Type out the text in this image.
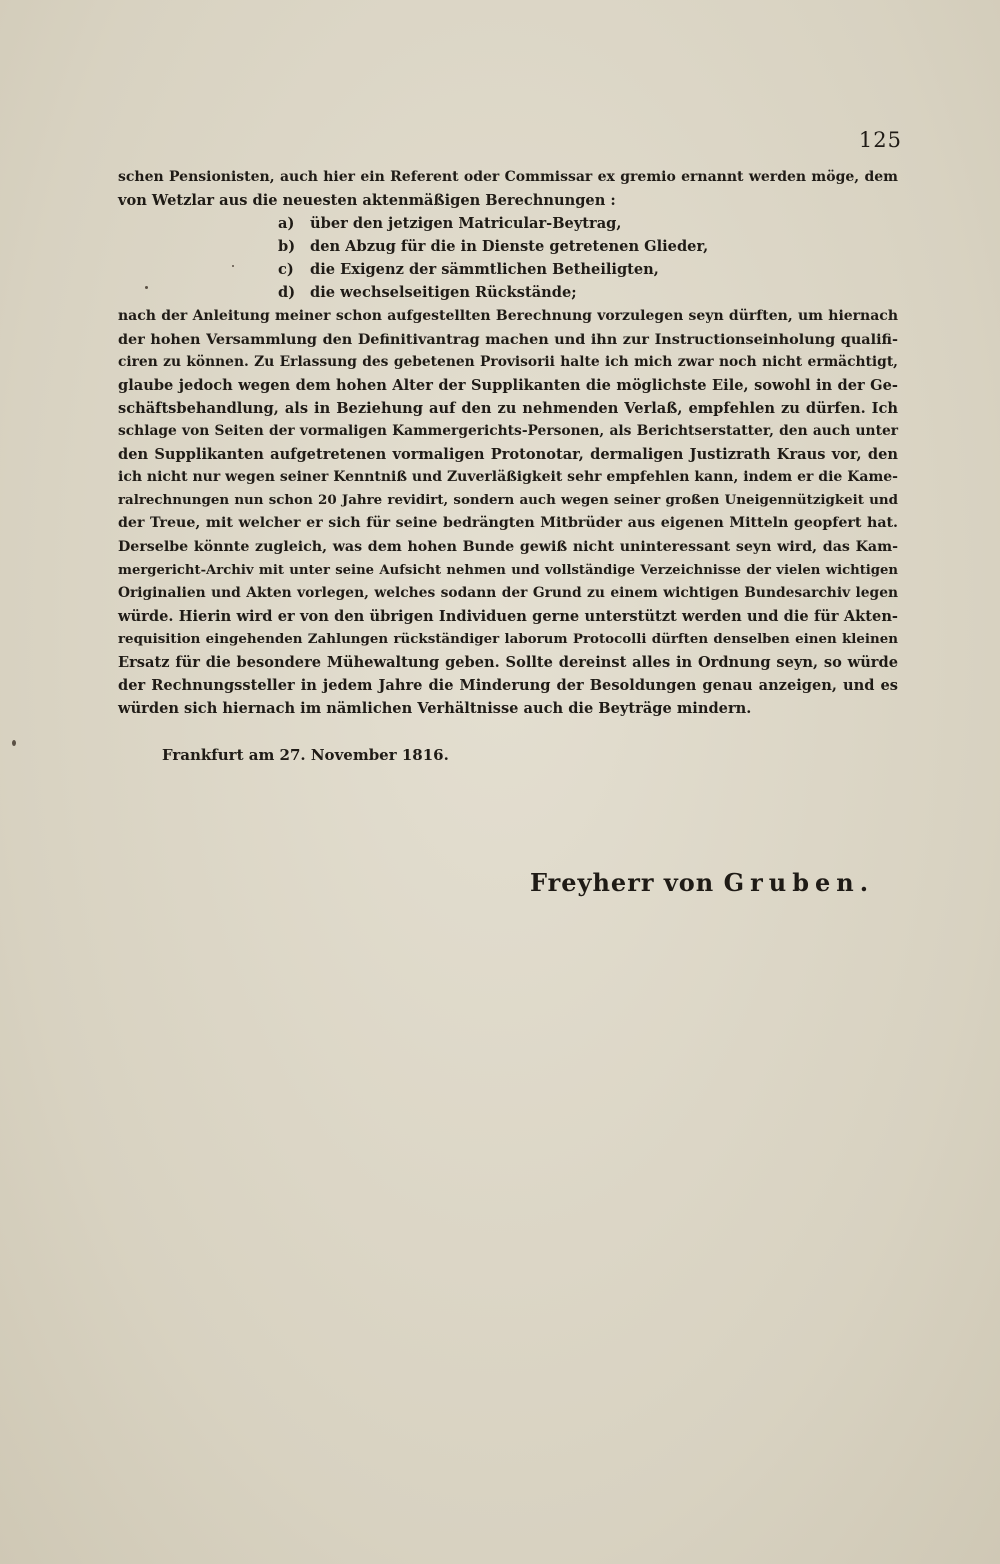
125
schen Pensionisten, auch hier ein Referent oder Commissar ex gremio ernannt werden möge, dem
von Wetzlar aus die neuesten aktenmäßigen Berechnungen :
a)	über den jetzigen Matricular-Beytrag,
b)	den Abzug für die in Dienste getretenen Glieder,
c)	die Exigenz der sämmtlichen Betheiligten,
d)	die wechselseitigen Rückstände;
nach der Anleitung meiner schon aufgestellten Berechnung vorzulegen seyn dürften, um hiernach
der hohen Versammlung den Definitivantrag machen und ihn zur Instructionseinholung qualifi-
ciren zu können. Zu Erlassung des gebetenen Provisorii halte ich mich zwar noch nicht ermächtigt,
glaube jedoch wegen dem hohen Alter der Supplikanten die möglichste Eile, sowohl in der Ge-
schäftsbehandlung, als in Beziehung auf den zu nehmenden Verlaß, empfehlen zu dürfen. Ich
schlage von Seiten der vormaligen Kammergerichts-Personen, als Berichtserstatter, den auch unter
den Supplikanten aufgetretenen vormaligen Protonotar, dermaligen Justizrath Kraus vor, den
ich nicht nur wegen seiner Kenntniß und Zuverläßigkeit sehr empfehlen kann, indem er die Kame-
ralrechnungen nun schon 20 Jahre revidirt, sondern auch wegen seiner großen Uneigennützigkeit und
der Treue, mit welcher er sich für seine bedrängten Mitbrüder aus eigenen Mitteln geopfert hat.
Derselbe könnte zugleich, was dem hohen Bunde gewiß nicht uninteressant seyn wird, das Kam-
mergericht-Archiv mit unter seine Aufsicht nehmen und vollständige Verzeichnisse der vielen wichtigen
Originalien und Akten vorlegen, welches sodann der Grund zu einem wichtigen Bundesarchiv legen
würde. Hierin wird er von den übrigen Individuen gerne unterstützt werden und die für Akten-
requisition eingehenden Zahlungen rückständiger laborum Protocolli dürften denselben einen kleinen
Ersatz für die besondere Mühewaltung geben. Sollte dereinst alles in Ordnung seyn, so würde
der Rechnungssteller in jedem Jahre die Minderung der Besoldungen genau anzeigen, und es
würden sich hiernach im nämlichen Verhältnisse auch die Beyträge mindern.
Frankfurt am 27. November 1816.
Freyherr von Gruben.
